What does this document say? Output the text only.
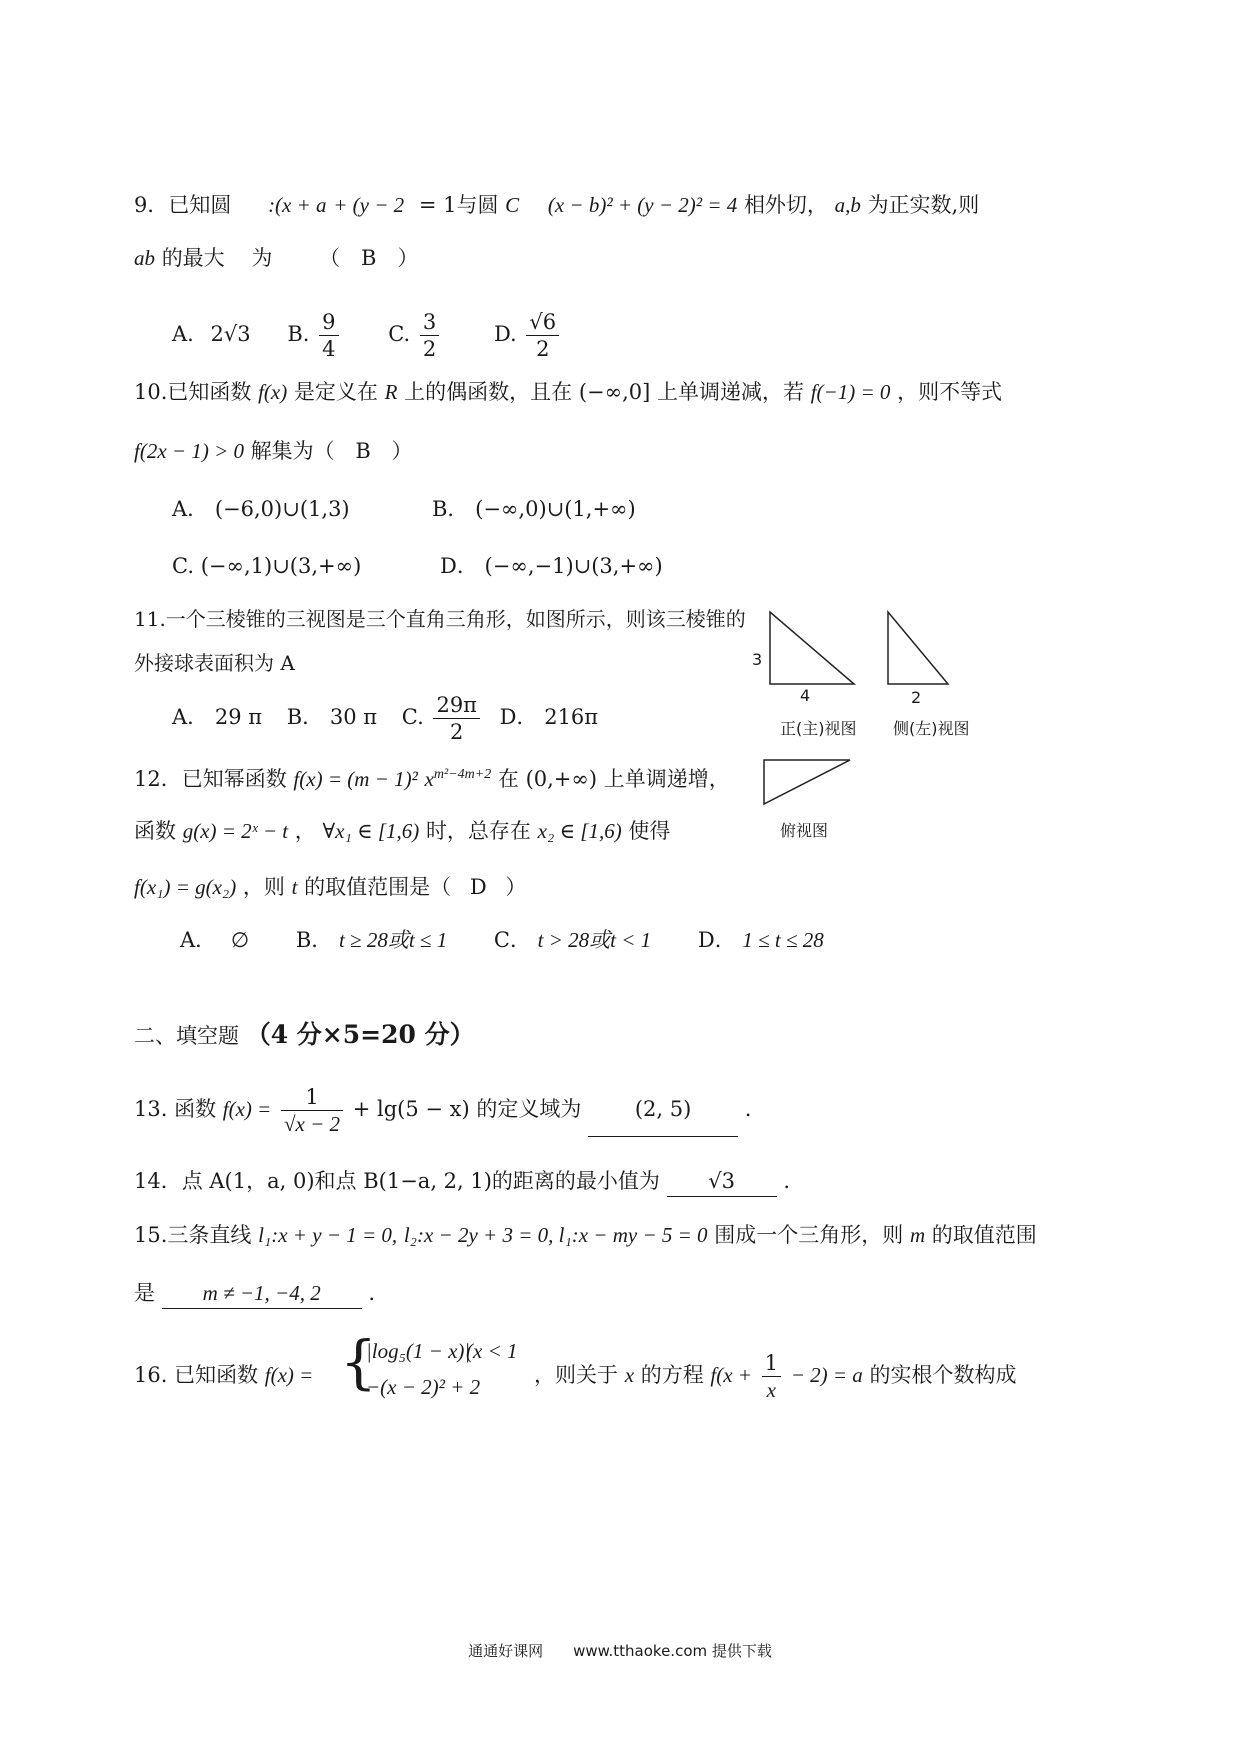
9．已知圆 :(x + a + (y − 2 = 1与圆 C (x − b)² + (y − 2)² = 4 相外切， a,b 为正实数,则
ab 的最大 为 （　B　）
A. 2√3 B. $\frac{9}{4} C$. $\frac{3}{2}$	D. $\frac{√6}{2}$
10.已知函数 f(x) 是定义在 R 上的偶函数，且在 (−∞,0] 上单调递减，若 f(−1) = 0 ，则不等式
f(2x − 1) > 0 解集为（ B ）
A． (−6,0)∪(1,3)	B． (−∞,0)∪(1,+∞)
C. (−∞,1)∪(3,+∞)	D． (−∞,−1)∪(3,+∞)
11.一个三棱锥的三视图是三个直角三角形，如图所示，则该三棱锥的
外接球表面积为 A
A． 29 π B． 30 π C. $\frac{29\pi}{2}$ D． 216π
3
4	2
正(主)视图 侧(左)视图
俯视图
12．已知幂函数 f(x) = (m − 1)² $x^{m^2-4m+2}$ 在 (0,+∞) 上单调递增，
函数 g(x) = 2ˣ − t ， ∀x₁ ∈ [1,6) 时，总存在 x₂ ∈ [1,6) 使得
f(x₁) = g(x₂) ，则 t 的取值范围是（ D ）
A． ∅ B． t ≥ 28或t ≤ 1 C． t > 28或t < 1 D． 1 ≤ t ≤ 28
二、填空题 （4 分×5=20 分）
13. 函数 $f(x) = \frac{1}{√x - 2} + \lg(5 - x)$ 的定义域为	(2, 5)	.
14．点 A(1，a, 0)和点 B(1−a, 2, 1)的距离的最小值为 √3 .
15.三条直线 l₁:x + y − 1 = 0, l₂:x − 2y + 3 = 0, l₁:x − my − 5 = 0 围成一个三角形，则 m 的取值范围
是 m ≠ −1, −4, 2 .
16. 已知函数 f(x) = {
|log₅(1 − x)|
(x < 1
−(x − 2)² + 2	，则关于 x 的方程 $f(x + \frac{1}{x} - 2) = a$ 的实根个数构成
通通好课网　　www.tthaoke.com 提供下载
